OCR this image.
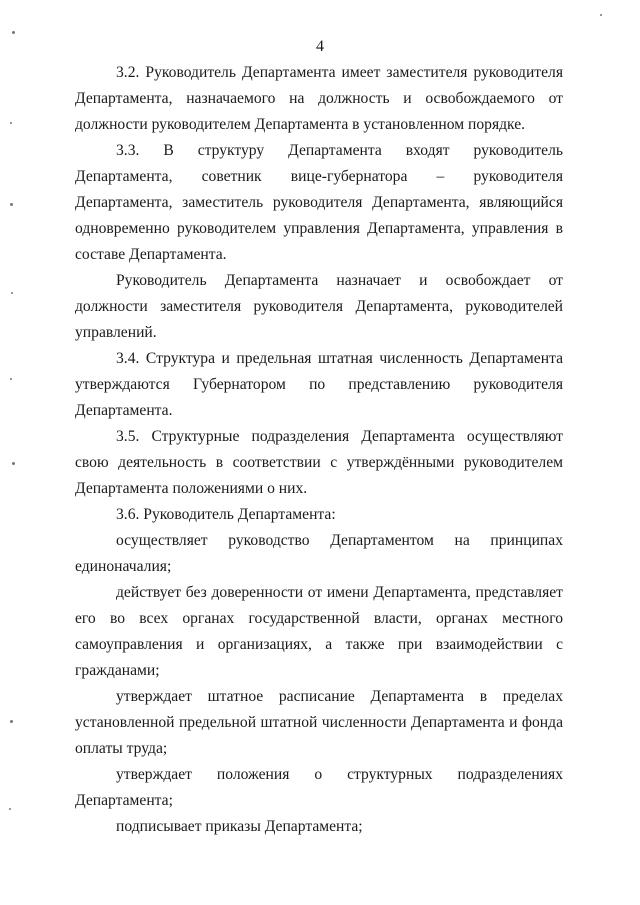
4

3.2. Руководитель Департамента имеет заместителя руководителя Департамента, назначаемого на должность и освобождаемого от должности руководителем Департамента в установленном порядке.

3.3. В структуру Департамента входят руководитель Департамента, советник вице-губернатора – руководителя Департамента, заместитель руководителя Департамента, являющийся одновременно руководителем управления Департамента, управления в составе Департамента.

Руководитель Департамента назначает и освобождает от должности заместителя руководителя Департамента, руководителей управлений.

3.4. Структура и предельная штатная численность Департамента утверждаются Губернатором по представлению руководителя Департамента.

3.5. Структурные подразделения Департамента осуществляют свою деятельность в соответствии с утверждёнными руководителем Департамента положениями о них.

3.6. Руководитель Департамента:

осуществляет руководство Департаментом на принципах единоначалия;

действует без доверенности от имени Департамента, представляет его во всех органах государственной власти, органах местного самоуправления и организациях, а также при взаимодействии с гражданами;

утверждает штатное расписание Департамента в пределах установленной предельной штатной численности Департамента и фонда оплаты труда;

утверждает положения о структурных подразделениях Департамента;

подписывает приказы Департамента;
